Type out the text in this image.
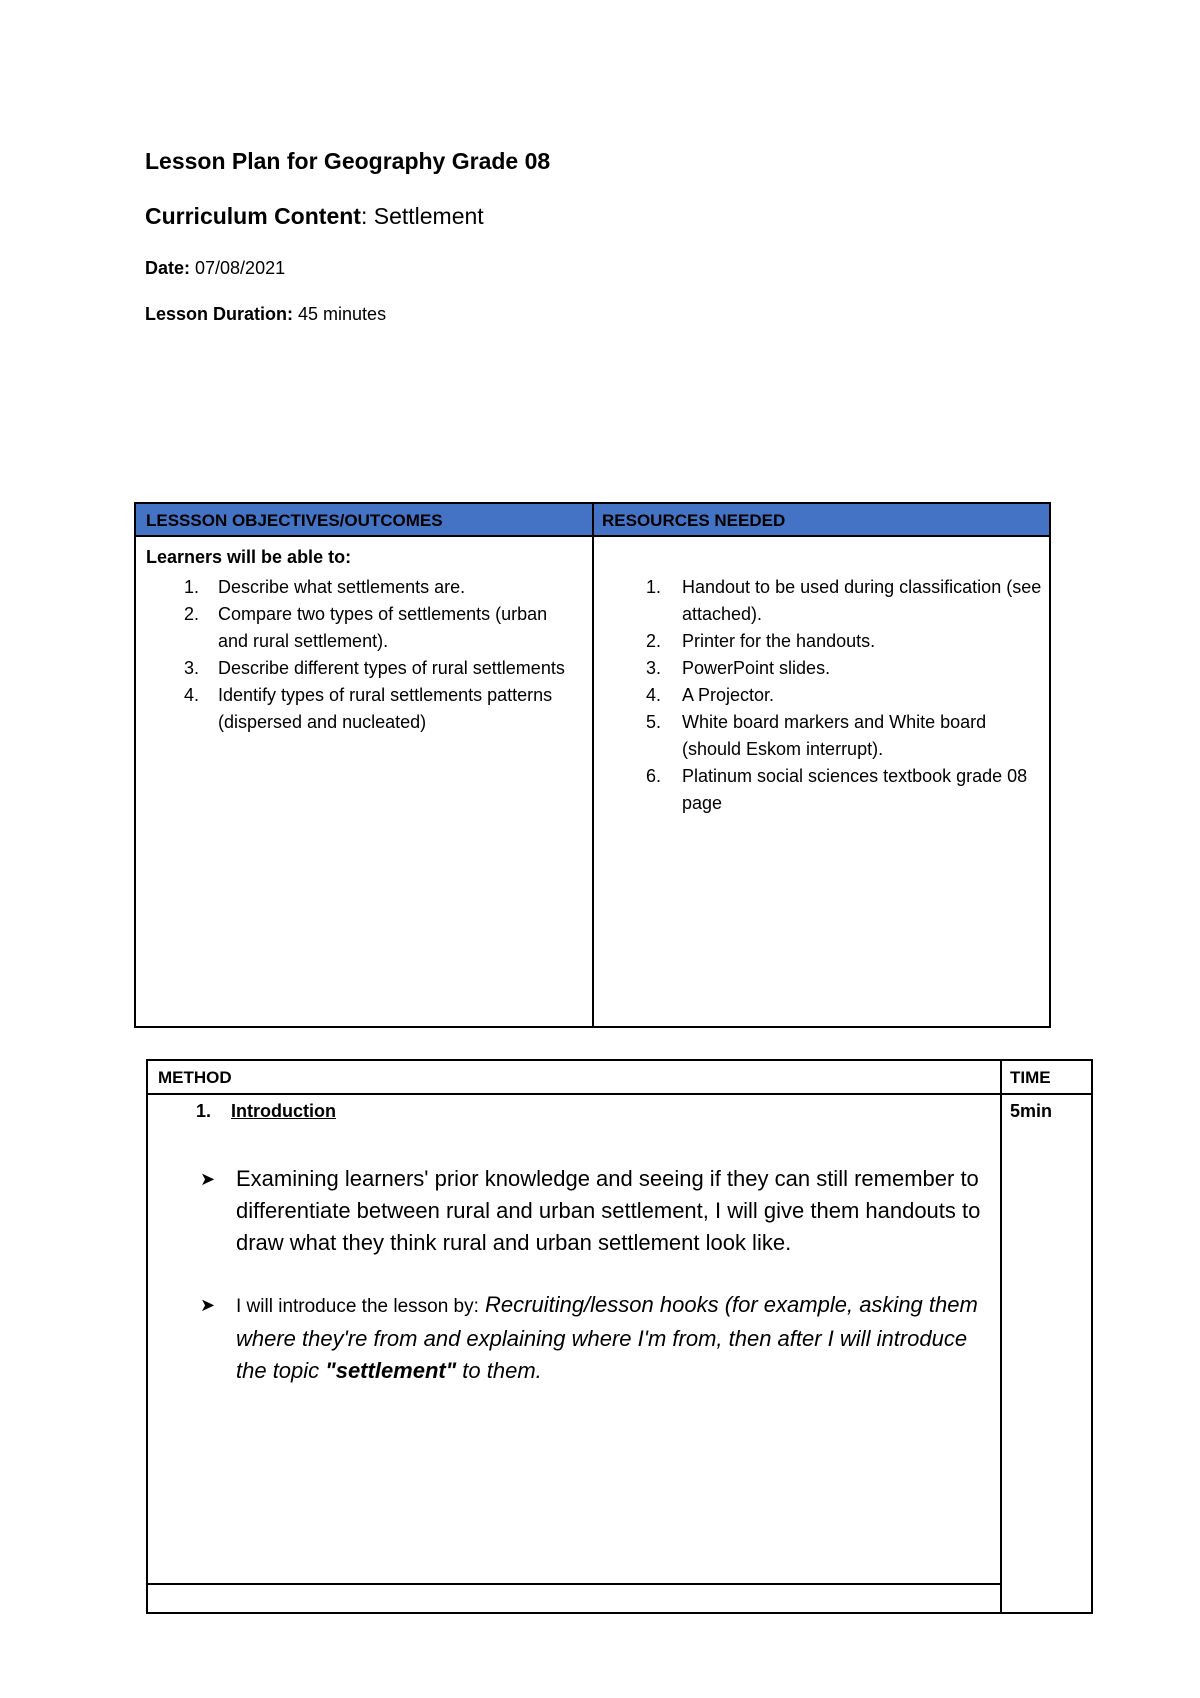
Lesson Plan for Geography Grade 08
Curriculum Content: Settlement
Date: 07/08/2021
Lesson Duration: 45 minutes
LESSSON OBJECTIVES/OUTCOMES	RESOURCES NEEDED
Learners will be able to:
1. Describe what settlements are.
2. Compare two types of settlements (urban and rural settlement).
3. Describe different types of rural settlements
4. Identify types of rural settlements patterns (dispersed and nucleated)
1. Handout to be used during classification (see attached).
2. Printer for the handouts.
3. PowerPoint slides.
4. A Projector.
5. White board markers and White board (should Eskom interrupt).
6. Platinum social sciences textbook grade 08 page
METHOD	TIME
1. Introduction	5min
➤ Examining learners' prior knowledge and seeing if they can still remember to differentiate between rural and urban settlement, I will give them handouts to draw what they think rural and urban settlement look like.
➤	I will introduce the lesson by: Recruiting/lesson hooks (for example, asking them where they're from and explaining where I'm from, then after I will introduce the topic "settlement" to them.
